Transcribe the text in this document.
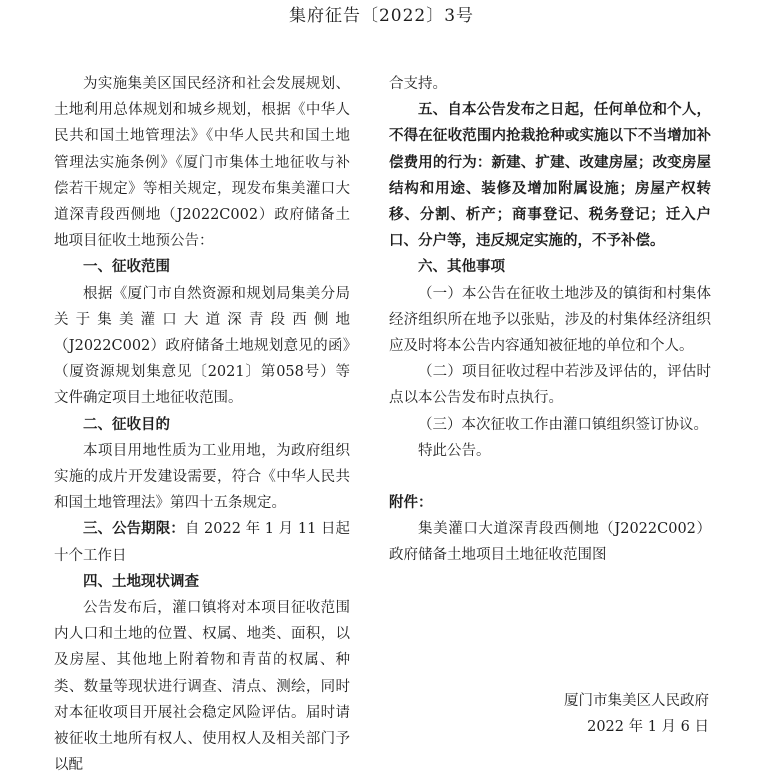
集府征告〔2022〕3号

为实施集美区国民经济和社会发展规划、土地利用总体规划和城乡规划，根据《中华人民共和国土地管理法》《中华人民共和国土地管理法实施条例》《厦门市集体土地征收与补偿若干规定》等相关规定，现发布集美灌口大道深青段西侧地（J2022C002）政府储备土地项目征收土地预公告：

一、征收范围

根据《厦门市自然资源和规划局集美分局关于集美灌口大道深青段西侧地（J2022C002）政府储备土地规划意见的函》（厦资源规划集意见〔2021〕第058号）等文件确定项目土地征收范围。

二、征收目的

本项目用地性质为工业用地，为政府组织实施的成片开发建设需要，符合《中华人民共和国土地管理法》第四十五条规定。

三、公告期限：自 2022 年 1 月 11 日起十个工作日

四、土地现状调查

公告发布后，灌口镇将对本项目征收范围内人口和土地的位置、权属、地类、面积，以及房屋、其他地上附着物和青苗的权属、种类、数量等现状进行调查、清点、测绘，同时对本征收项目开展社会稳定风险评估。届时请被征收土地所有权人、使用权人及相关部门予以配

合支持。

五、自本公告发布之日起，任何单位和个人，不得在征收范围内抢栽抢种或实施以下不当增加补偿费用的行为：新建、扩建、改建房屋；改变房屋结构和用途、装修及增加附属设施；房屋产权转移、分割、析产；商事登记、税务登记；迁入户口、分户等，违反规定实施的，不予补偿。

六、其他事项

（一）本公告在征收土地涉及的镇街和村集体经济组织所在地予以张贴，涉及的村集体经济组织应及时将本公告内容通知被征地的单位和个人。

（二）项目征收过程中若涉及评估的，评估时点以本公告发布时点执行。

（三）本次征收工作由灌口镇组织签订协议。

特此公告。

附件：

集美灌口大道深青段西侧地（J2022C002）政府储备土地项目土地征收范围图

厦门市集美区人民政府
2022 年 1 月 6 日
